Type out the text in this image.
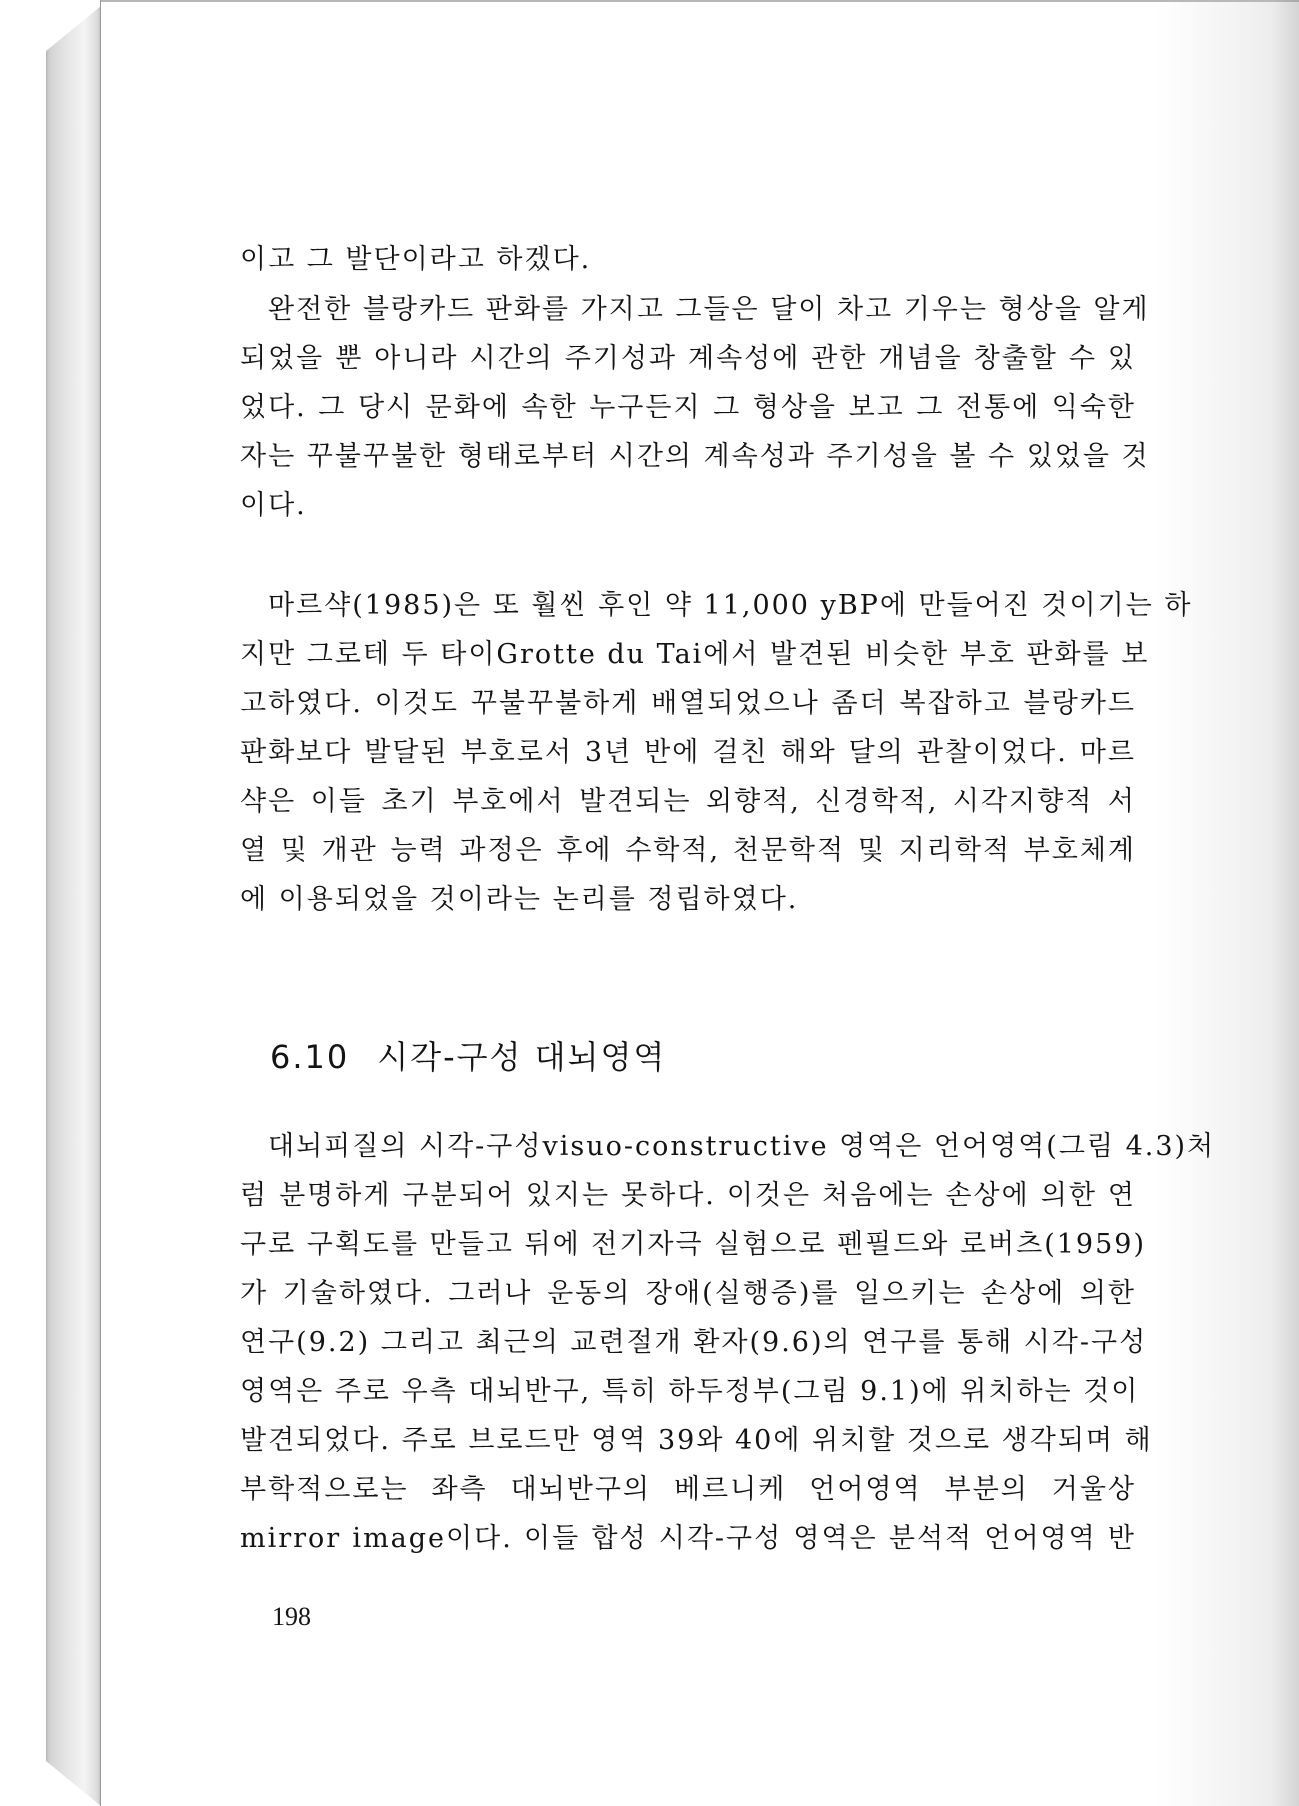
이고 그 발단이라고 하겠다.
완전한 블랑카드 판화를 가지고 그들은 달이 차고 기우는 형상을 알게
되었을 뿐 아니라 시간의 주기성과 계속성에 관한 개념을 창출할 수 있
었다. 그 당시 문화에 속한 누구든지 그 형상을 보고 그 전통에 익숙한
자는 꾸불꾸불한 형태로부터 시간의 계속성과 주기성을 볼 수 있었을 것
이다.
마르샥(1985)은 또 훨씬 후인 약 11,000 yBP에 만들어진 것이기는 하
지만 그로테 두 타이Grotte du Tai에서 발견된 비슷한 부호 판화를 보
고하였다. 이것도 꾸불꾸불하게 배열되었으나 좀더 복잡하고 블랑카드
판화보다 발달된 부호로서 3년 반에 걸친 해와 달의 관찰이었다. 마르
샥은 이들 초기 부호에서 발견되는 외향적, 신경학적, 시각지향적 서
열 및 개관 능력 과정은 후에 수학적, 천문학적 및 지리학적 부호체계
에 이용되었을 것이라는 논리를 정립하였다.
6.10 시각-구성 대뇌영역
대뇌피질의 시각-구성visuo-constructive 영역은 언어영역(그림 4.3)처
럼 분명하게 구분되어 있지는 못하다. 이것은 처음에는 손상에 의한 연
구로 구획도를 만들고 뒤에 전기자극 실험으로 펜필드와 로버츠(1959)
가 기술하였다. 그러나 운동의 장애(실행증)를 일으키는 손상에 의한
연구(9.2) 그리고 최근의 교련절개 환자(9.6)의 연구를 통해 시각-구성
영역은 주로 우측 대뇌반구, 특히 하두정부(그림 9.1)에 위치하는 것이
발견되었다. 주로 브로드만 영역 39와 40에 위치할 것으로 생각되며 해
부학적으로는 좌측 대뇌반구의 베르니케 언어영역 부분의 거울상
mirror image이다. 이들 합성 시각-구성 영역은 분석적 언어영역 반
198
